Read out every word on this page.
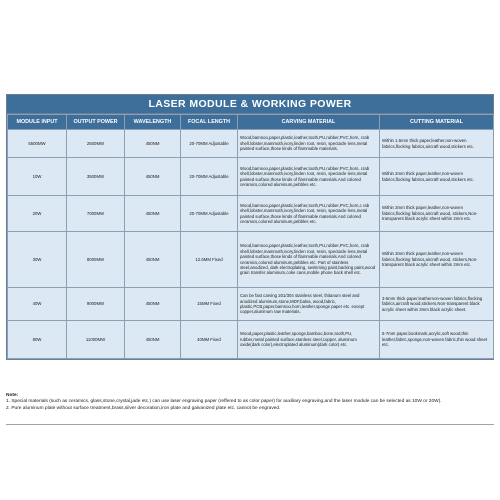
LASER MODULE & WORKING POWER
MODULE INPUT	OUTPUT POWER	WAVELENGTH	FOCAL LENGTH	CARVING MATERIAL	CUTTING MATERIAL
5500MW	2500MW	450NM	20-70MM Adjustable	Wood,bamnoo,paper,plastic,leather,tooth,PU,rubber,PVC,horn, crab shell,lobster,mammoth,ivory,linden root, resin, spectacle lens,metal painted surface,those kinds of flammable materials.	Within 1.5mm thick paper,leather,non-woven fabrics,flocking fabrics,aircraft wood,stickers etc.
10W	3500MW	450NM	20-70MM Adjustable	Wood,bamnoo,paper,plastic,leather,tooth,PU,rubber,PVC,horn, crab shell,lobster,mammoth,ivory,linden root, resin, spectacle lens,metal painted surface,those kinds of flammable materials.And colored ceramics,colored aluminum,pebbles etc.	Within 2mm thick paper,leather,non-woven fabrics,flocking fabrics,aircraft wood,stickers etc.
20W	7000MW	450NM	20-70MM Adjustable	Wood,bamnoo,paper,plastic,leather,tooth,PU,rubber,PVC,horn,c rab shell,lobster,mammoth,ivory,linden root, resin, spectacle lens,metal painted surface,those kinds of flammable materials.And colored ceramics,colored aluminum,pebbles etc.	Within 3mm thick paper,leather,non-woven fabrics,flocking fabrics,aircraft wood, stickers,Non-transparent black acrylic sheet within 2mm etc.
30W	8000MW	450NM	12.6MM Fixed	Wood,bamnoo,paper,plastic,leather,tooth,PU,rubber,PVC,horn, crab shell,lobster,mammoth,ivory,linden root, resin, spectacle lens,metal painted surface,those kinds of flammable materials.And colored ceramics,colored aluminum,pebbles etc. Part of stainless steel,anodized, dark electroplating, swimming paint,backing paint,wood grain transfer aluminum,coke cans,mobile phone back shell etc.	Within 3mm thick paper,leather,non-woven fabrics,flocking fabrics,aircraft wood, stickers,Non-transparent black acrylic sheet within 2mm etc.
40W	9000MW	450NM	15MM Fixed	Can be fast carving 201/304 stainless steel, thitanum steel and anodized aluminum,stone,MDF,balsa, wood,fabric, plastic,PCB,paper,bamnoo,horn,leather,sponge paper etc. except copper,aluminum raw materials.	3-5mm thick paper,leathernon-woven fabrics,flocking fabrics,aircraft wood,stickers,Non-transparent black acrylic sheet within 3mm black acrylic sheet.
80W	11000MW	450NM	40MM Fixed	Wood,paper,plastic,leather,sponge,bamboo,bone,tooth,PU, rubber,metal painted surface,stanless steel,copper, aluminum oxide(dark color),electroplated aluminum(dark color) etc.	5-7mm paper,bookmark,acrylic,soft wood,thin leather,fabric,sponge,non-woven fabric,thin wood sheet etc.
Note:
1. Special materials (such as ceramics, glass,stone,crystal,jade etc.) can use laser engraving paper (reffered to as color paper) for auxiliary engraving,and the laser module can be selected as 10W or 20W).
2. Pure aluminum plate without surface treatment,brass,silver decoration,iron plate and galvanized plate etc. cannot be engraved.
